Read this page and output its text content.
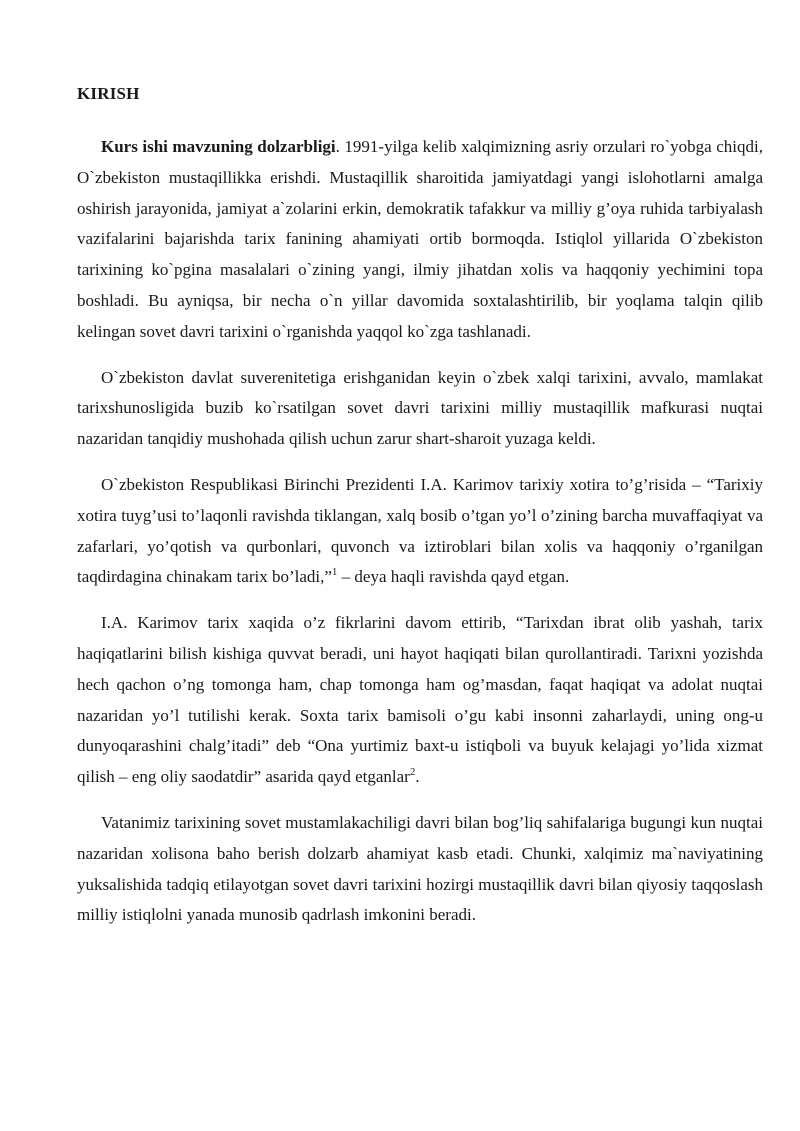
KIRISH

Kurs ishi mavzuning dolzarbligi. 1991-yilga kelib xalqimizning asriy orzulari ro`yobga chiqdi, O`zbekiston mustaqillikka erishdi. Mustaqillik sharoitida jamiyatdagi yangi islohotlarni amalga oshirish jarayonida, jamiyat a`zolarini erkin, demokratik tafakkur va milliy g’oya ruhida tarbiyalash vazifalarini bajarishda tarix fanining ahamiyati ortib bormoqda. Istiqlol yillarida O`zbekiston tarixining ko`pgina masalalari o`zining yangi, ilmiy jihatdan xolis va haqqoniy yechimini topa boshladi. Bu ayniqsa, bir necha o`n yillar davomida soxtalashtirilib, bir yoqlama talqin qilib kelingan sovet davri tarixini o`rganishda yaqqol ko`zga tashlanadi.

O`zbekiston davlat suverenitetiga erishganidan keyin o`zbek xalqi tarixini, avvalo, mamlakat tarixshunosligida buzib ko`rsatilgan sovet davri tarixini milliy mustaqillik mafkurasi nuqtai nazaridan tanqidiy mushohada qilish uchun zarur shart-sharoit yuzaga keldi.

O`zbekiston Respublikasi Birinchi Prezidenti I.A. Karimov tarixiy xotira to’g’risida – “Tarixiy xotira tuyg’usi to’laqonli ravishda tiklangan, xalq bosib o’tgan yo’l o’zining barcha muvaffaqiyat va zafarlari, yo’qotish va qurbonlari, quvonch va iztiroblari bilan xolis va haqqoniy o’rganilgan taqdirdagina chinakam tarix bo’ladi,”$^1$ – deya haqli ravishda qayd etgan.

I.A. Karimov tarix xaqida o’z fikrlarini davom ettirib, “Tarixdan ibrat olib yashah, tarix haqiqatlarini bilish kishiga quvvat beradi, uni hayot haqiqati bilan qurollantiradi. Tarixni yozishda hech qachon o’ng tomonga ham, chap tomonga ham og’masdan, faqat haqiqat va adolat nuqtai nazaridan yo’l tutilishi kerak. Soxta tarix bamisoli o’gu kabi insonni zaharlaydi, uning ong-u dunyoqarashini chalg’itadi” deb “Ona yurtimiz baxt-u istiqboli va buyuk kelajagi yo’lida xizmat qilish – eng oliy saodatdir” asarida qayd etganlar$^2$.

Vatanimiz tarixining sovet mustamlakachiligi davri bilan bog’liq sahifalariga bugungi kun nuqtai nazaridan xolisona baho berish dolzarb ahamiyat kasb etadi. Chunki, xalqimiz ma`naviyatining yuksalishida tadqiq etilayotgan sovet davri tarixini hozirgi mustaqillik davri bilan qiyosiy taqqoslash milliy istiqlolni yanada munosib qadrlash imkonini beradi.
